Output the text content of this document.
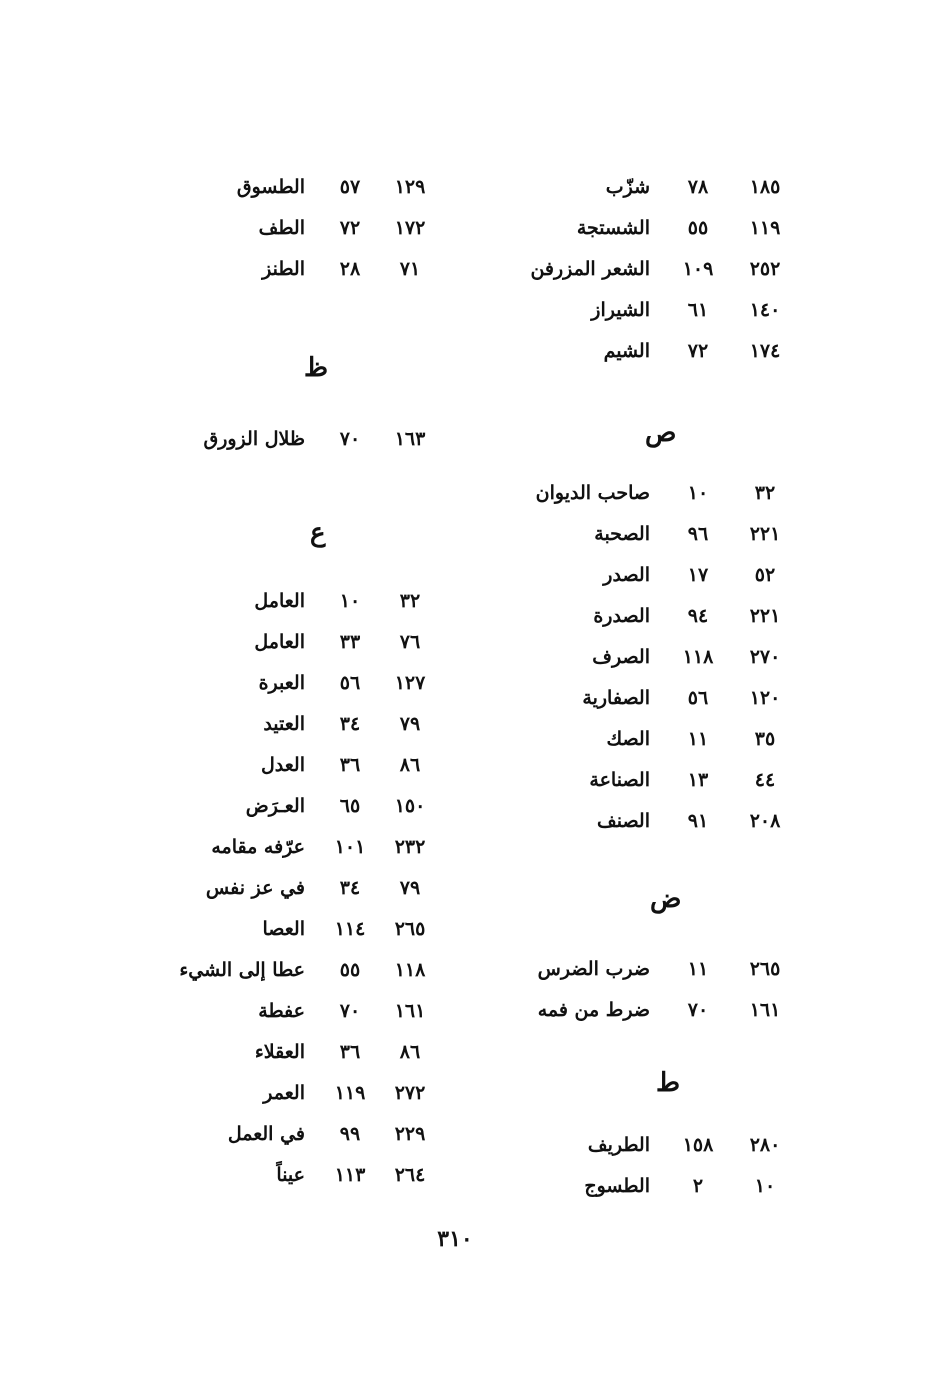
١٨٥
٧٨
شزّب
١١٩
٥٥
الشستجة
٢٥٢
١٠٩
الشعر المزرفن
١٤٠
٦١
الشيراز
١٧٤
٧٢
الشيم
ص
٣٢
١٠
صاحب الديوان
٢٢١
٩٦
الصحبة
٥٢
١٧
الصدر
٢٢١
٩٤
الصدرة
٢٧٠
١١٨
الصرف
١٢٠
٥٦
الصفارية
٣٥
١١
الصك
٤٤
١٣
الصناعة
٢٠٨
٩١
الصنف
ض
٢٦٥
١١
ضرب الضرس
١٦١
٧٠
ضرط من فمه
ط
٢٨٠
١٥٨
الطريف
١٠
٢
الطسوج
١٢٩
٥٧
الطسوق
١٧٢
٧٢
الطف
٧١
٢٨
الطنز
ظ
١٦٣
٧٠
ظلال الزورق
ع
٣٢
١٠
العامل
٧٦
٣٣
العامل
١٢٧
٥٦
العبرة
٧٩
٣٤
العتيد
٨٦
٣٦
العدل
١٥٠
٦٥
العـرَض
٢٣٢
١٠١
عرّفه مقامه
٧٩
٣٤
في عز نفس
٢٦٥
١١٤
العصا
١١٨
٥٥
عطا إلى الشيء
١٦١
٧٠
عفطة
٨٦
٣٦
العقلاء
٢٧٢
١١٩
العمر
٢٢٩
٩٩
في العمل
٢٦٤
١١٣
عيناً
٣١٠
